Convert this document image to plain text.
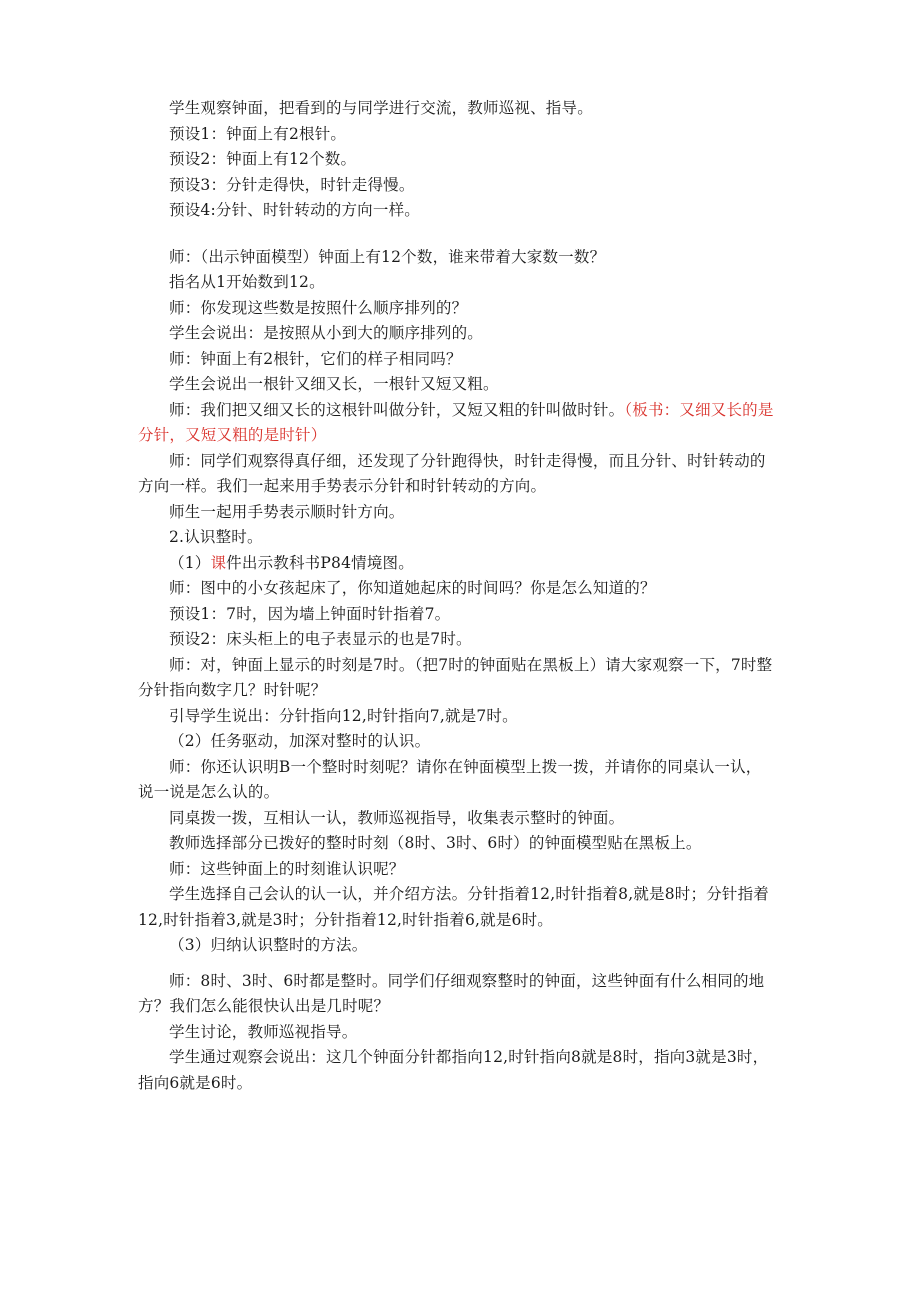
学生观察钟面，把看到的与同学进行交流，教师巡视、指导。

预设1：钟面上有2根针。

预设2：钟面上有12个数。

预设3：分针走得快，时针走得慢。

预设4:分针、时针转动的方向一样。

师：（出示钟面模型）钟面上有12个数，谁来带着大家数一数？

指名从1开始数到12。

师：你发现这些数是按照什么顺序排列的？

学生会说出：是按照从小到大的顺序排列的。

师：钟面上有2根针，它们的样子相同吗？

学生会说出一根针又细又长，一根针又短又粗。

师：我们把又细又长的这根针叫做分针，又短又粗的针叫做时针。（板书：又细又长的是分针，又短又粗的是时针）

师：同学们观察得真仔细，还发现了分针跑得快，时针走得慢，而且分针、时针转动的方向一样。我们一起来用手势表示分针和时针转动的方向。

师生一起用手势表示顺时针方向。

2.认识整时。

（1）课件出示教科书P84情境图。

师：图中的小女孩起床了，你知道她起床的时间吗？你是怎么知道的？

预设1：7时，因为墙上钟面时针指着7。

预设2：床头柜上的电子表显示的也是7时。

师：对，钟面上显示的时刻是7时。（把7时的钟面贴在黑板上）请大家观察一下，7时整分针指向数字几？时针呢？

引导学生说出：分针指向12,时针指向7,就是7时。

（2）任务驱动，加深对整时的认识。

师：你还认识明B一个整时时刻呢？请你在钟面模型上拨一拨，并请你的同桌认一认，说一说是怎么认的。

同桌拨一拨，互相认一认，教师巡视指导，收集表示整时的钟面。

教师选择部分已拨好的整时时刻（8时、3时、6时）的钟面模型贴在黑板上。

师：这些钟面上的时刻谁认识呢？

学生选择自己会认的认一认，并介绍方法。分针指着12,时针指着8,就是8时；分针指着12,时针指着3,就是3时；分针指着12,时针指着6,就是6时。

（3）归纳认识整时的方法。

师：8时、3时、6时都是整时。同学们仔细观察整时的钟面，这些钟面有什么相同的地方？我们怎么能很快认出是几时呢？

学生讨论，教师巡视指导。

学生通过观察会说出：这几个钟面分针都指向12,时针指向8就是8时，指向3就是3时，指向6就是6时。
